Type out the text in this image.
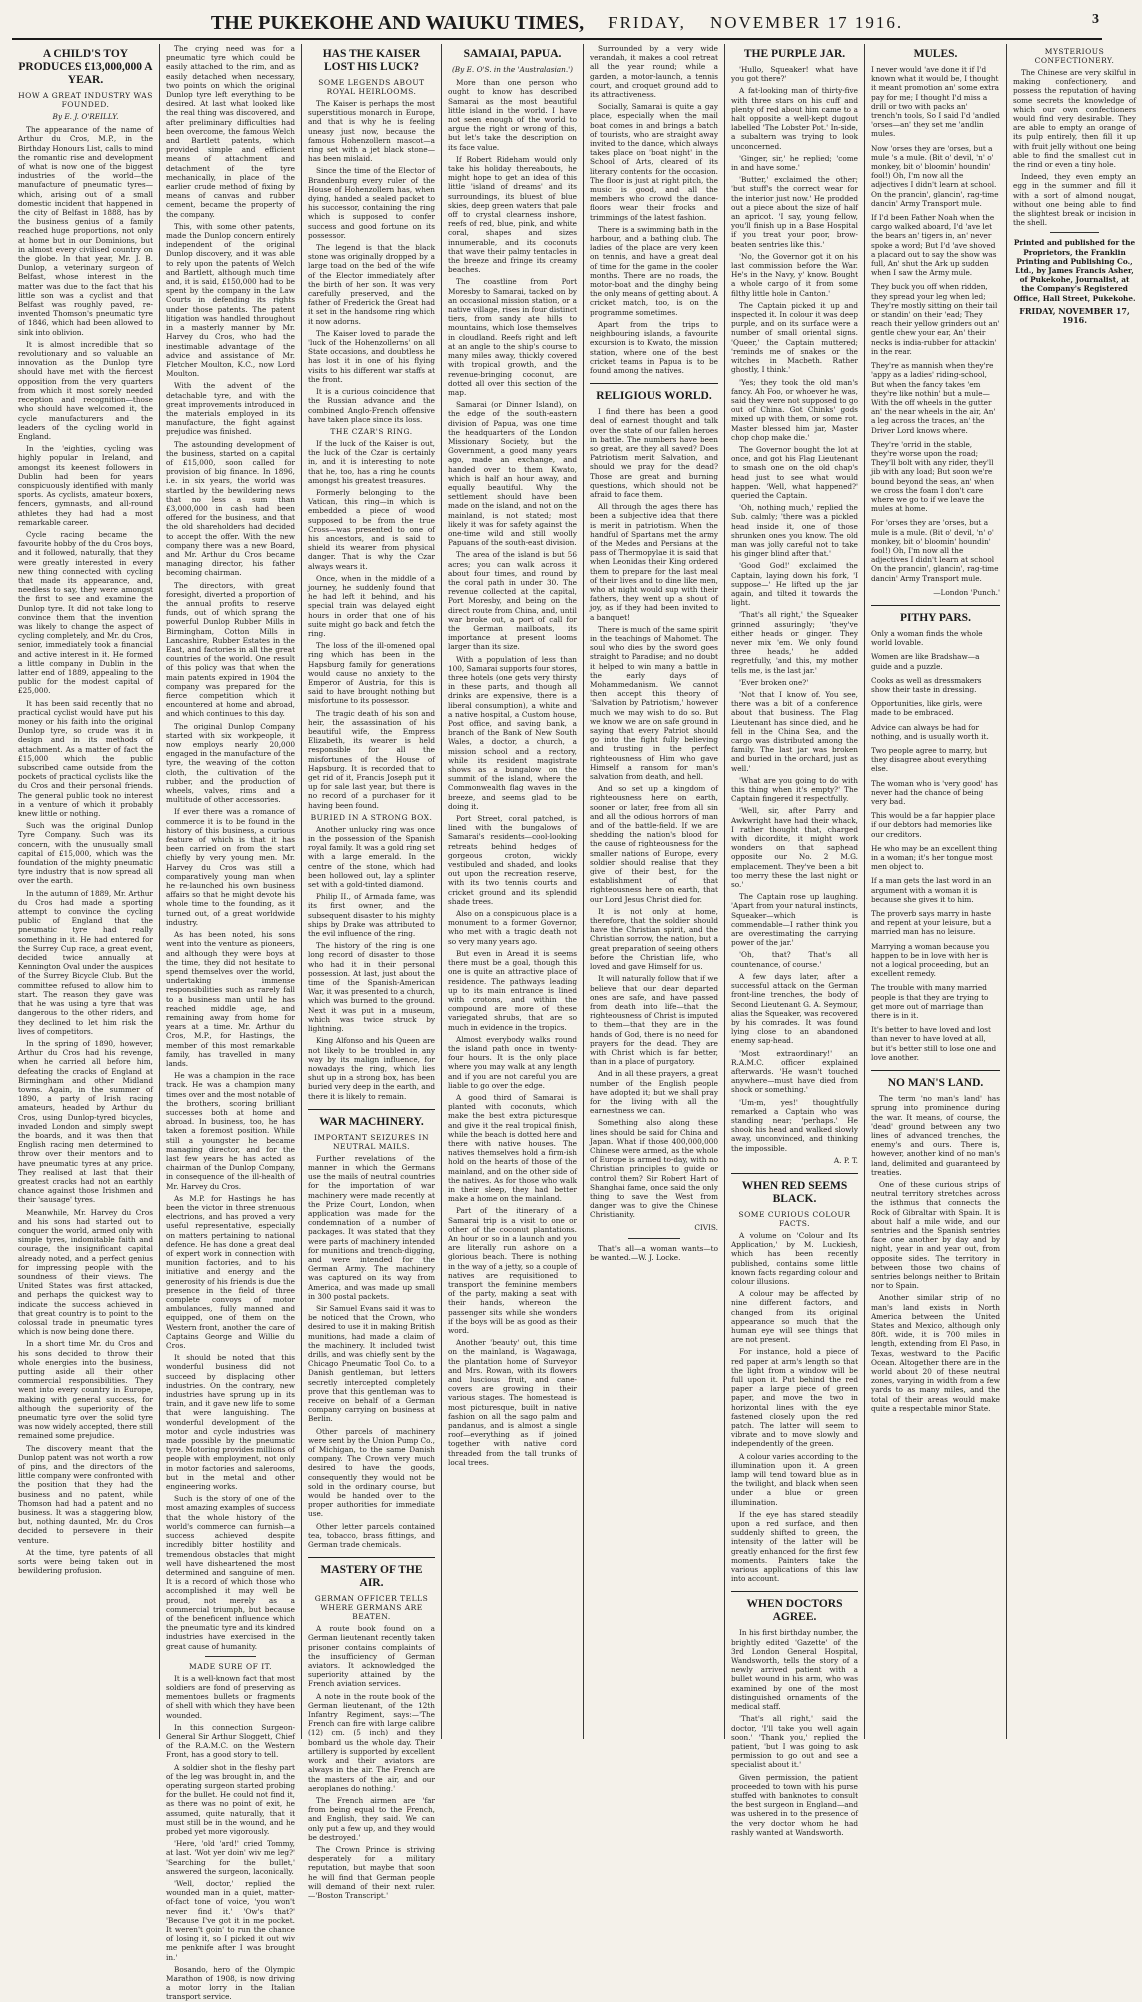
THE PUKEKOHE AND WAIUKU TIMES, FRIDAY, NOVEMBER 17 1916.	3
A CHILD'S TOY PRODUCES £13,000,000 A YEAR.
HOW A GREAT INDUSTRY WAS FOUNDED.
By E. J. O'REILLY.

The appearance of the name of Arthur du Cros, M.P., in the Birthday Honours List, calls to mind the romantic rise and development of what is now one of the biggest industries of the world—the manufacture of pneumatic tyres—which, arising out of a small domestic incident that happened in the city of Belfast in 1888, has by the business genius of a family reached huge proportions, not only at home but in our Dominions, but in almost every civilised country on the globe. In that year, Mr. J. B. Dunlop, a veterinary surgeon of Belfast, whose interest in the matter was due to the fact that his little son was a cyclist and that Belfast was roughly paved, re-invented Thomson's pneumatic tyre of 1846, which had been allowed to sink into oblivion.

It is almost incredible that so revolutionary and so valuable an innovation as the Dunlop tyre should have met with the fiercest opposition from the very quarters from which it most sorely needed reception and recognition—those who should have welcomed it, the cycle manufacturers and the leaders of the cycling world in England.

In the 'eighties, cycling was highly popular in Ireland, and amongst its keenest followers in Dublin had been for years conspicuously identified with manly sports. As cyclists, amateur boxers, fencers, gymnasts, and all-round athletes they had had a most remarkable career.

Cycle racing became the favourite hobby of the du Cros boys, and it followed, naturally, that they were greatly interested in every new thing connected with cycling that made its appearance, and, needless to say, they were amongst the first to see and examine the Dunlop tyre. It did not take long to convince them that the invention was likely to change the aspect of cycling completely, and Mr. du Cros, senior, immediately took a financial and active interest in it. He formed a little company in Dublin in the latter end of 1889, appealing to the public for the modest capital of £25,000.

It has been said recently that no practical cyclist would have put his money or his faith into the original Dunlop tyre, so crude was it in design and in its methods of attachment. As a matter of fact the £15,000 which the public subscribed came outside from the pockets of practical cyclists like the du Cros and their personal friends. The general public took no interest in a venture of which it probably knew little or nothing.

Such was the original Dunlop Tyre Company. Such was its concern, with the unusually small capital of £15,000, which was the foundation of the mighty pneumatic tyre industry that is now spread all over the earth.

In the autumn of 1889, Mr. Arthur du Cros had made a sporting attempt to convince the cycling public of England that the pneumatic tyre had really something in it. He had entered for the Surrey Cup race, a great event, decided twice annually at Kennington Oval under the auspices of the Surrey Bicycle Club. But the committee refused to allow him to start. The reason they gave was that he was using a tyre that was dangerous to the other riders, and they declined to let him risk the lives of competitors.

In the spring of 1890, however, Arthur du Cros had his revenge, when he carried all before him, defeating the cracks of England at Birmingham and other Midland towns. Again, in the summer of 1890, a party of Irish racing amateurs, headed by Arthur du Cros, using Dunlop-tyred bicycles, invaded London and simply swept the boards, and it was then that English racing men determined to throw over their mentors and to have pneumatic tyres at any price. They realised at last that their greatest cracks had not an earthly chance against those Irishmen and their 'sausage' tyres.

Meanwhile, Mr. Harvey du Cros and his sons had started out to conquer the world, armed only with simple tyres, indomitable faith and courage, the insignificant capital already noted, and a perfect genius for impressing people with the soundness of their views. The United States was first attacked, and perhaps the quickest way to indicate the success achieved in that great country is to point to the colossal trade in pneumatic tyres which is now being done there.

In a short time Mr. du Cros and his sons decided to throw their whole energies into the business, putting aside all their other commercial responsibilities. They went into every country in Europe, making with general success, for although the superiority of the pneumatic tyre over the solid tyre was now widely accepted, there still remained some prejudice.

The discovery meant that the Dunlop patent was not worth a row of pins, and the directors of the little company were confronted with the position that they had the business and no patent, while Thomson had had a patent and no business. It was a staggering blow, but, nothing daunted, Mr. du Cros decided to persevere in their venture.

At the time, tyre patents of all sorts were being taken out in bewildering profusion.

The crying need was for a pneumatic tyre which could be easily attached to the rim, and as easily detached when necessary, two points on which the original Dunlop tyre left everything to be desired. At last what looked like the real thing was discovered, and after preliminary difficulties had been overcome, the famous Welch and Bartlett patents, which provided simple and efficient means of attachment and detachment of the tyre mechanically, in place of the earlier crude method of fixing by means of canvas and rubber cement, became the property of the company.

This, with some other patents, made the Dunlop concern entirely independent of the original Dunlop discovery, and it was able to rely upon the patents of Welch and Bartlett, although much time and, it is said, £150,000 had to be spent by the company in the Law Courts in defending its rights under those patents. The patent litigation was handled throughout in a masterly manner by Mr. Harvey du Cros, who had the inestimable advantage of the advice and assistance of Mr. Fletcher Moulton, K.C., now Lord Moulton.

With the advent of the detachable tyre, and with the great improvements introduced in the materials employed in its manufacture, the fight against prejudice was finished.

The astounding development of the business, started on a capital of £15,000, soon called for provision of big finance. In 1896, i.e. in six years, the world was startled by the bewildering news that no less a sum than £3,000,000 in cash had been offered for the business, and that the old shareholders had decided to accept the offer. With the new company there was a new Board, and Mr. Arthur du Cros became managing director, his father becoming chairman.

The directors, with great foresight, diverted a proportion of the annual profits to reserve funds, out of which sprang the powerful Dunlop Rubber Mills in Birmingham, Cotton Mills in Lancashire, Rubber Estates in the East, and factories in all the great countries of the world. One result of this policy was that when the main patents expired in 1904 the company was prepared for the fierce competition which it encountered at home and abroad, and which continues to this day.

The original Dunlop Company started with six workpeople, it now employs nearly 20,000 engaged in the manufacture of the tyre, the weaving of the cotton cloth, the cultivation of the rubber, and the production of wheels, valves, rims and a multitude of other accessories.

If ever there was a romance of commerce it is to be found in the history of this business, a curious feature of which is that it has been carried on from the start chiefly by very young men. Mr. Harvey du Cros was still a comparatively young man when he re-launched his own business affairs so that he might devote his whole time to the founding, as it turned out, of a great worldwide industry.

As has been noted, his sons went into the venture as pioneers, and although they were boys at the time, they did not hesitate to spend themselves over the world, undertaking immense responsibilities such as rarely fall to a business man until he has reached middle age, and remaining away from home for years at a time. Mr. Arthur du Cros, M.P., for Hastings, the member of this most remarkable family, has travelled in many lands.

He was a champion in the race track. He was a champion many times over and the most notable of the brothers, scoring brilliant successes both at home and abroad. In business, too, he has taken a foremost position. While still a youngster he became managing director, and for the last few years he has acted as chairman of the Dunlop Company, in consequence of the ill-health of Mr. Harvey du Cros.

As M.P. for Hastings he has been the victor in three strenuous electrions, and has proved a very useful representative, especially on matters pertaining to national defence. He has done a great deal of expert work in connection with munition factories, and to his initiative and energy and the generosity of his friends is due the presence in the field of three complete convoys of motor ambulances, fully manned and equipped, one of them on the Western front, another the care of Captains George and Willie du Cros.

It should be noted that this wonderful business did not succeed by displacing other industries. On the contrary, new industries have sprung up in its train, and it gave new life to some that were languishing. The wonderful development of the motor and cycle industries was made possible by the pneumatic tyre. Motoring provides millions of people with employment, not only in motor factories and salerooms, but in the metal and other engineering works.

Such is the story of one of the most amazing examples of success that the whole history of the world's commerce can furnish—a success achieved despite incredibly bitter hostility and tremendous obstacles that might well have disheartened the most determined and sanguine of men. It is a record of which those who accomplished it may well be proud, not merely as a commercial triumph, but because of the beneficent influence which the pneumatic tyre and its kindred industries have exercised in the great cause of humanity.

MADE SURE OF IT.

It is a well-known fact that most soldiers are fond of preserving as mementoes bullets or fragments of shell with which they have been wounded.

In this connection Surgeon-General Sir Arthur Sloggett, Chief of the R.A.M.C. on the Western Front, has a good story to tell.

A soldier shot in the fleshy part of the leg was brought in, and the operating surgeon started probing for the bullet. He could not find it, as there was no point of exit, he assumed, quite naturally, that it must still be in the wound, and he probed yet more vigorously.

'Here, 'old 'ard!' cried Tommy, at last. 'Wot yer doin' wiv me leg?' 'Searching for the bullet,' answered the surgeon, laconically.

'Well, doctor,' replied the wounded man in a quiet, matter-of-fact tone of voice, 'you won't never find it.' 'Ow's that?' 'Because I've got it in me pocket. It weren't goin' to run the chance of losing it, so I picked it out wiv me penknife after I was brought in.'

Bosando, hero of the Olympic Marathon of 1908, is now driving a motor lorry in the Italian transport service.

HAS THE KAISER LOST HIS LUCK?
SOME LEGENDS ABOUT ROYAL HEIRLOOMS.

The Kaiser is perhaps the most superstitious monarch in Europe, and that is why he is feeling uneasy just now, because the famous Hohenzollern mascot—a ring set with a jet black stone—has been mislaid.

Since the time of the Elector of Brandenburg every ruler of the House of Hohenzollern has, when dying, handed a sealed packet to his successor, containing the ring which is supposed to confer success and good fortune on its possessor.

The legend is that the black stone was originally dropped by a large toad on the bed of the wife of the Elector immediately after the birth of her son. It was very carefully preserved, and the father of Frederick the Great had it set in the handsome ring which it now adorns.

The Kaiser loved to parade the 'luck of the Hohenzollerns' on all State occasions, and doubtless he has lost it in one of his flying visits to his different war staffs at the front.

It is a curious coincidence that the Russian advance and the combined Anglo-French offensive have taken place since its loss.

THE CZAR'S RING.

If the luck of the Kaiser is out, the luck of the Czar is certainly in, and it is interesting to note that he, too, has a ring he counts amongst his greatest treasures.

Formerly belonging to the Vatican, this ring—in which is embedded a piece of wood supposed to be from the true Cross—was presented to one of his ancestors, and is said to shield its wearer from physical danger. That is why the Czar always wears it.

Once, when in the middle of a journey, he suddenly found that he had left it behind, and his special train was delayed eight hours in order that one of his suite might go back and fetch the ring.

The loss of the ill-omened opal ring which has been in the Hapsburg family for generations would cause no anxiety to the Emperor of Austria, for this is said to have brought nothing but misfortune to its possessor.

The tragic death of his son and heir, the assassination of his beautiful wife, the Empress Elizabeth, its wearer is held responsible for all the misfortunes of the House of Hapsburg. It is recorded that to get rid of it, Francis Joseph put it up for sale last year, but there is no record of a purchaser for it having been found.

BURIED IN A STRONG BOX.

Another unlucky ring was once in the possession of the Spanish royal family. It was a gold ring set with a large emerald. In the centre of the stone, which had been hollowed out, lay a splinter set with a gold-tinted diamond.

Philip II., of Armada fame, was its first owner, and the subsequent disaster to his mighty ships by Drake was attributed to the evil influence of the ring.

The history of the ring is one long record of disaster to those who had it in their personal possession. At last, just about the time of the Spanish-American War, it was presented to a church, which was burned to the ground. Next it was put in a museum, which was twice struck by lightning.

King Alfonso and his Queen are not likely to be troubled in any way by its malign influence, for nowadays the ring, which lies shut up in a strong box, has been buried very deep in the earth, and there it is likely to remain.

WAR MACHINERY.
IMPORTANT SEIZURES IN NEUTRAL MAILS.

Further revelations of the manner in which the Germans use the mails of neutral countries for the importation of war machinery were made recently at the Prize Court, London, when application was made for the condemnation of a number of packages. It was stated that they were parts of machinery intended for munitions and trench-digging, and were intended for the German Army. The machinery was captured on its way from America, and was made up small in 300 postal packets.

Sir Samuel Evans said it was to be noticed that the Crown, who desired to use it in making British munitions, had made a claim of the machinery. It included twist drills, and was chiefly sent by the Chicago Pneumatic Tool Co. to a Danish gentleman, but letters secretly intercepted completely prove that this gentleman was to receive on behalf of a German company carrying on business at Berlin.

Other parcels of machinery were sent by the Union Pump Co., of Michigan, to the same Danish company. The Crown very much desired to have the goods, consequently they would not be sold in the ordinary course, but would be handed over to the proper authorities for immediate use.

Other letter parcels contained tea, tobacco, brass fittings, and German trade chemicals.

MASTERY OF THE AIR.
GERMAN OFFICER TELLS WHERE GERMANS ARE BEATEN.

A route book found on a German lieutenant recently taken prisoner contains complaints of the insufficiency of German aviators. It acknowledged the superiority attained by the French aviation services.

A note in the route book of the German lieutenant, of the 12th Infantry Regiment, says:—'The French can fire with large calibre (12) cm. (5 inch) and they bombard us the whole day. Their artillery is supported by excellent work and their aviators are always in the air. The French are the masters of the air, and our aeroplanes do nothing.'

The French airmen are 'far from being equal to the French, and English, they said. We can only put a few up, and they would be destroyed.'

The Crown Prince is striving desperately for a military reputation, but maybe that soon he will find that German people will demand of their next ruler.—'Boston Transcript.'

SAMAIAI, PAPUA.
(By E. O'S. in the 'Australasian.')

More than one person who ought to know has described Samarai as the most beautiful little island in the world. I have not seen enough of the world to argue the right or wrong of this, but let's take the description on its face value.

If Robert Rideham would only take his holiday thereabouts, he might hope to get an idea of this little 'island of dreams' and its surroundings, its bluest of blue skies, deep green waters that pale off to crystal clearness inshore, reefs of red, blue, pink, and white coral, shapes and sizes innumerable, and its coconuts that wave their palmy tentacles in the breeze and fringe its creamy beaches.

The coastline from Port Moresby to Samarai, tacked on by an occasional mission station, or a native village, rises in four distinct tiers, from sandy ate hills to mountains, which lose themselves in cloudland. Reefs right and left at an angle to the ship's course to many miles away, thickly covered with tropical growth, and the revenue-bringing coconut, are dotted all over this section of the map.

Samarai (or Dinner Island), on the edge of the south-eastern division of Papua, was one time the headquarters of the London Missionary Society, but the Government, a good many years ago, made an exchange, and handed over to them Kwato, which is half an hour away, and equally beautiful. Why the settlement should have been made on the island, and not on the mainland, is not stated; most likely it was for safety against the one-time wild and still woolly Papuans of the south-east division.

The area of the island is but 56 acres; you can walk across it about four times, and round by the coral path in under 30. The revenue collected at the capital, Port Moresby, and being on the direct route from China, and, until war broke out, a port of call for the German mailboats, its importance at present looms larger than its size.

With a population of less than 100, Samarai supports four stores, three hotels (one gets very thirsty in these parts, and though all drinks are expensive, there is a liberal consumption), a white and a native hospital, a Custom house, Post office, and saving bank, a branch of the Bank of New South Wales, a doctor, a church, a mission school and a rectory, while its resident magistrate shows as a bungalow on the summit of the island, where the Commonwealth flag waves in the breeze, and seems glad to be doing it.

Port Street, coral patched, is lined with the bungalows of Samarai's residents—cool-looking retreats behind hedges of gorgeous croton, wickly vestibuled and shaded, and looks out upon the recreation reserve, with its two tennis courts and cricket ground and its splendid shade trees.

Also on a conspicuous place is a monument to a former Governor, who met with a tragic death not so very many years ago.

But even in Aread it is seems there must be a goal, though this one is quite an attractive place of residence. The pathways leading up to its main entrance is lined with crotons, and within the compound are more of these variegated shrubs, that are so much in evidence in the tropics.

Almost everybody walks round the island path once in twenty-four hours. It is the only place where you may walk at any length and if you are not careful you are liable to go over the edge.

A good third of Samarai is planted with coconuts, which make the best extra picturesque and give it the real tropical finish, while the beach is dotted here and there with native houses. The natives themselves hold a firm-ish hold on the hearts of those of the mainland, and on the other side of the natives. As for those who walk in their sleep, they had better make a home on the mainland.

Part of the itinerary of a Samarai trip is a visit to one or other of the coconut plantations. An hour or so in a launch and you are literally run ashore on a glorious beach. There is nothing in the way of a jetty, so a couple of natives are requisitioned to transport the feminine members of the party, making a seat with their hands, whereon the passenger sits while she wonders if the boys will be as good as their word.

Another 'beauty' out, this time on the mainland, is Wagawaga, the plantation home of Surveyor and Mrs. Rowan, with its flowers and luscious fruit, and cane-covers are growing in their various stages. The homestead is most picturesque, built in native fashion on all the sago palm and pandanus, and is almost a single roof—everything as if joined together with native cord threaded from the tall trunks of local trees.

Surrounded by a very wide verandah, it makes a cool retreat all the year round; while a garden, a motor-launch, a tennis court, and croquet ground add to its attractiveness.

Socially, Samarai is quite a gay place, especially when the mail boat comes in and brings a batch of tourists, who are straight away invited to the dance, which always takes place on 'boat night' in the School of Arts, cleared of its literary contents for the occasion. The floor is just at right pitch, the music is good, and all the members who crowd the dance-floors wear their frocks and trimmings of the latest fashion.

There is a swimming bath in the harbour, and a bathing club. The ladies of the place are very keen on tennis, and have a great deal of time for the game in the cooler months. There are no roads, the motor-boat and the dinghy being the only means of getting about. A cricket match, too, is on the programme sometimes.

Apart from the trips to neighbouring islands, a favourite excursion is to Kwato, the mission station, where one of the best cricket teams in Papua is to be found among the natives.

RELIGIOUS WORLD.

I find there has been a good deal of earnest thought and talk over the state of our fallen heroes in battle. The numbers have been so great, are they all saved? Does Patriotism merit Salvation, and should we pray for the dead? Those are great and burning questions, which should not be afraid to face them.

All through the ages there has been a subjective idea that there is merit in patriotism. When the handful of Spartans met the army of the Medes and Persians at the pass of Thermopylae it is said that when Leonidas their King ordered them to prepare for the last meal of their lives and to dine like men, who at night would sup with their fathers, they went up a shout of joy, as if they had been invited to a banquet!

There is much of the same spirit in the teachings of Mahomet. The soul who dies by the sword goes straight to Paradise; and no doubt it helped to win many a battle in the early days of Mohammedanism. We cannot then accept this theory of 'Salvation by Patriotism,' however much we may wish to do so. But we know we are on safe ground in saying that every Patriot should go into the fight fully believing and trusting in the perfect righteousness of Him who gave Himself a ransom for man's salvation from death, and hell.

And so set up a kingdom of righteousness here on earth, sooner or later, free from all sin and all the odious horrors of man and of the battle-field. If we are shedding the nation's blood for the cause of righteousness for the smaller nations of Europe, every soldier should realise that they give of their best, for the establishment of that righteousness here on earth, that our Lord Jesus Christ died for.

It is not only at home, therefore, that the soldier should have the Christian spirit, and the Christian sorrow, the nation, but a great preparation of seeing others before the Christian life, who loved and gave Himself for us.

It will naturally follow that if we believe that our dear departed ones are safe, and have passed from death into life—that the righteousness of Christ is imputed to them—that they are in the hands of God, there is no need for prayers for the dead. They are with Christ which is far better, than in a place of purgatory.

And in all these prayers, a great number of the English people have adopted it; but we shall pray for the living with all the earnestness we can.

Something also along these lines should be said for China and Japan. What if those 400,000,000 Chinese were armed, as the whole of Europe is armed to-day, with no Christian principles to guide or control them? Sir Robert Hart of Shanghai fame, once said the only thing to save the West from danger was to give the Chinese Christianity.

CIVIS.

That's all—a woman wants—to be wanted.—W. J. Locke.

THE PURPLE JAR.

'Hullo, Squeaker! what have you got there?'

A fat-looking man of thirty-five with three stars on his cuff and plenty of red about him came to a halt opposite a well-kept dugout labelled 'The Lobster Pot.' In-side, a subaltern was trying to look unconcerned.

'Ginger, sir,' he replied; 'come in and have some.'

'Butter,' exclaimed the other; 'but stuff's the correct wear for the interior just now.' He prodded out a piece about the size of half an apricot. 'I say, young fellow, you'll finish up in a Base Hospital if you treat your poor, brow-beaten sentries like this.'

'No, the Governor got it on his last commission before the War. He's in the Navy, y' know. Bought a whole cargo of it from some filthy little hole in Canton.'

The Captain picked it up and inspected it. In colour it was deep purple, and on its surface were a number of small oriental signs. 'Queer,' the Captain muttered; 'reminds me of snakes or the witches in Macbeth. Rather ghostly, I think.'

'Yes; they took the old man's fancy. Ah Foo, or whoever he was, said they were not supposed to go out of China. Got Chinks' gods mixed up with them, or some rot. Master blessed him jar, Master chop chop make die.'

The Governor bought the lot at once, and got his Flag Lieutenant to smash one on the old chap's head just to see what would happen. 'Well, what happened?' queried the Captain.

'Oh, nothing much,' replied the Sub. calmly; 'there was a pickled head inside it, one of those shrunken ones you know. The old man was jolly careful not to take his ginger blind after that.'

'Good God!' exclaimed the Captain, laying down his fork, 'I suppose—' He lifted up the jar again, and tilted it towards the light.

'That's all right,' the Squeaker grinned assuringly; 'they've either heads or ginger. They never mix 'em. We only found three heads,' he added regretfully, 'and this, my mother tells me, is the last jar.'

'Ever broken one?'

'Not that I know of. You see, there was a bit of a conference about that business. The Flag Lieutenant has since died, and he fell in the China Sea, and the cargo was distributed among the family. The last jar was broken and buried in the orchard, just as well.'

'What are you going to do with this thing when it's empty?' The Captain fingered it respectfully.

'Well, sir, after Parry and Awkwright have had their whack, I rather thought that, charged with dicordite, it might work wonders on that saphead opposite our No. 2 M.G. emplacement. They've been a bit too merry these the last night or so.'

The Captain rose up laughing. 'Apart from your natural instincts, Squeaker—which is commendable—I rather think you are overestimating the carrying power of the jar.'

'Oh, that? That's all countenance, of course.'

A few days later, after a successful attack on the German front-line trenches, the body of Second Lieutenant G. A. Seymour, alias the Squeaker, was recovered by his comrades. It was found lying close to an abandoned enemy sap-head.

'Most extraordinary!' an R.A.M.C. officer explained afterwards. 'He wasn't touched anywhere—must have died from shock or something.'

'Um-m, yes!' thoughtfully remarked a Captain who was standing near; 'perhaps.' He shook his head and walked slowly away, unconvinced, and thinking the impossible.

A. P. T.
WHEN RED SEEMS BLACK.
SOME CURIOUS COLOUR FACTS.

A volume on 'Colour and Its Application,' by M. Luckiesh, which has been recently published, contains some little known facts regarding colour and colour illusions.

A colour may be affected by nine different factors, and changed from its original appearance so much that the human eye will see things that are not present.

For instance, hold a piece of red paper at arm's length so that the light from a window will be full upon it. Put behind the red paper a large piece of green paper, and move the two in horizontal lines with the eye fastened closely upon the red patch. The latter will seem to vibrate and to move slowly and independently of the green.

A colour varies according to the illumination upon it. A green lamp will tend toward blue as in the twilight, and black when seen under a blue or green illumination.

If the eye has stared steadily upon a red surface, and then suddenly shifted to green, the intensity of the latter will be greatly enhanced for the first few moments. Painters take the various applications of this law into account.

WHEN DOCTORS AGREE.

In his first birthday number, the brightly edited 'Gazette' of the 3rd London General Hospital, Wandsworth, tells the story of a newly arrived patient with a bullet wound in his arm, who was examined by one of the most distinguished ornaments of the medical staff.

'That's all right,' said the doctor, 'I'll take you well again soon.' 'Thank you,' replied the patient, 'but I was going to ask permission to go out and see a specialist about it.'

Given permission, the patient proceeded to town with his purse stuffed with banknotes to consult the best surgeon in England—and was ushered in to the presence of the very doctor whom he had rashly wanted at Wandsworth.

MULES.

I never would 'ave done it if I'd known what it would be, I thought it meant promotion an' some extra pay for me; I thought I'd miss a drill or two with packs an' trench'n tools, So I said I'd 'andled 'orses—an' they set me 'andlin mules.

Now 'orses they are 'orses, but a mule 's a mule. (Bit o' devil, 'n' o' monkey, bit o' bloomin' houndin' fool!) Oh, I'm now all the adjectives I didn't learn at school. On the prancin', glancin', rag-time dancin' Army Transport mule.

If I'd been Father Noah when the cargo walked aboard, I'd 'ave let the bears an' tigers in, an' never spoke a word; But I'd 'ave shoved a placard out to say the show was full, An' shut the Ark up sudden when I saw the Army mule.

They buck you off when ridden, they spread your leg when led; They're mostly sitting on their tail or standin' on their 'ead; They reach their yellow grinders out an' gentle chew your ear, An' their necks is india-rubber for attackin' in the rear.

They're as mannish when they're 'appy as a ladies' riding-school, But when the fancy takes 'em they're like nothin' but a mule— With the off wheels in the gutter an' the near wheels in the air, An' a leg across the traces, an' the Driver Lord knows where.

They're 'orrid in the stable, they're worse upon the road; They'll bolt with any rider, they'll jib with any load; But soon we're bound beyond the seas, an' when we cross the foam I don't care where we go to if we leave the mules at home.

For 'orses they are 'orses, but a mule is a mule. (Bit o' devil, 'n' o' monkey, bit o' bloomin' houndin' fool!) Oh, I'm now all the adjectives I didn't learn at school On the prancin', glancin', rag-time dancin' Army Transport mule.

—London 'Punch.'
PITHY PARS.

Only a woman finds the whole world lovable.

Women are like Bradshaw—a guide and a puzzle.

Cooks as well as dressmakers show their taste in dressing.

Opportunities, like girls, were made to be embraced.

Advice can always be had for nothing, and is usually worth it.

Two people agree to marry, but they disagree about everything else.

The woman who is 'very good' has never had the chance of being very bad.

This would be a far happier place if our debtors had memories like our creditors.

He who may be an excellent thing in a woman; it's her tongue most men object to.

If a man gets the last word in an argument with a woman it is because she gives it to him.

The proverb says marry in haste and repent at your leisure, but a married man has no leisure.

Marrying a woman because you happen to be in love with her is not a logical proceeding, but an excellent remedy.

The trouble with many married people is that they are trying to get more out of marriage than there is in it.

It's better to have loved and lost than never to have loved at all, but it's better still to lose one and love another.

NO MAN'S LAND.

The term 'no man's land' has sprung into prominence during the war. It means, of course, the 'dead' ground between any two lines of advanced trenches, the enemy's and ours. There is, however, another kind of no man's land, delimited and guaranteed by treaties.

One of these curious strips of neutral territory stretches across the isthmus that connects the Rock of Gibraltar with Spain. It is about half a mile wide, and our sentries and the Spanish sentries face one another by day and by night, year in and year out, from opposite sides. The territory in between those two chains of sentries belongs neither to Britain nor to Spain.

Another similar strip of no man's land exists in North America between the United States and Mexico, although only 80ft. wide, it is 700 miles in length, extending from El Paso, in Texas, westward to the Pacific Ocean. Altogether there are in the world about 20 of these neutral zones, varying in width from a few yards to as many miles, and the total of their areas would make quite a respectable minor State.

MYSTERIOUS CONFECTIONERY.

The Chinese are very skilful in making confectionery, and possess the reputation of having some secrets the knowledge of which our own confectioners would find very desirable. They are able to empty an orange of its pulp entirely, then fill it up with fruit jelly without one being able to find the smallest cut in the rind or even a tiny hole.

Indeed, they even empty an egg in the summer and fill it with a sort of almond nougat, without one being able to find the slightest break or incision in the shell.

Printed and published for the Proprietors, the Franklin Printing and Publishing Co., Ltd., by James Francis Asher, of Pukekohe, Journalist, at the Company's Registered Office, Hall Street, Pukekohe.

FRIDAY, NOVEMBER 17, 1916.
